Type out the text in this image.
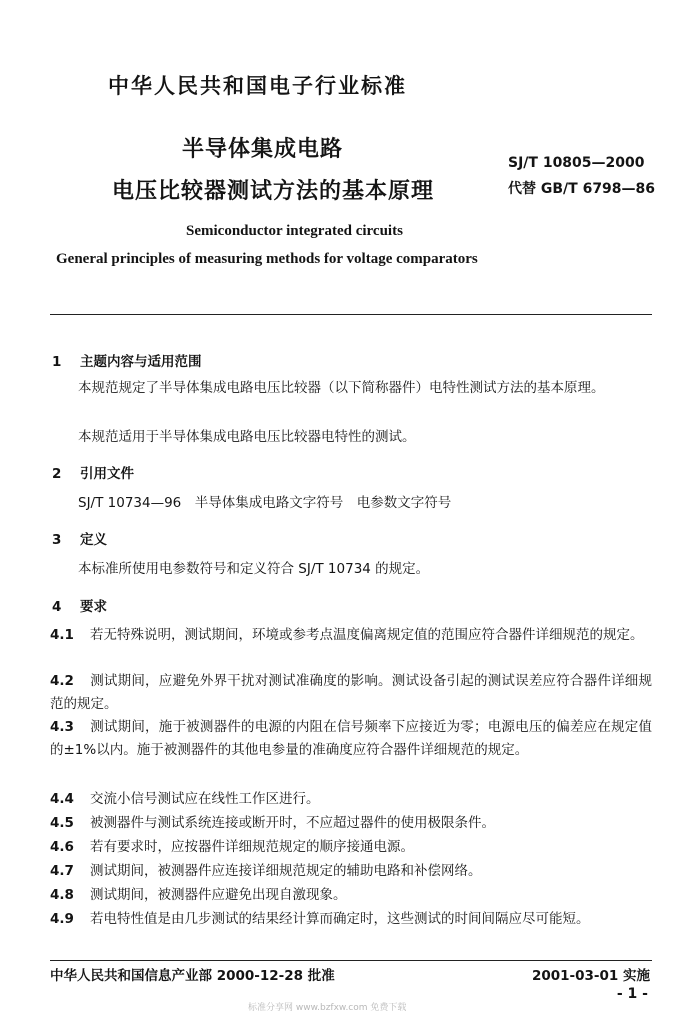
中华人民共和国电子行业标准
半导体集成电路
电压比较器测试方法的基本原理
SJ/T 10805—2000
代替 GB/T 6798—86
Semiconductor integrated circuits
General principles of measuring methods for voltage comparators
1 主题内容与适用范围
本规范规定了半导体集成电路电压比较器（以下简称器件）电特性测试方法的基本原理。
本规范适用于半导体集成电路电压比较器电特性的测试。
2 引用文件
SJ/T 10734—96　半导体集成电路文字符号　电参数文字符号
3 定义
本标准所使用电参数符号和定义符合 SJ/T 10734 的规定。
4 要求
4.1 若无特殊说明，测试期间，环境或参考点温度偏离规定值的范围应符合器件详细规范的规定。
4.2 测试期间，应避免外界干扰对测试准确度的影响。测试设备引起的测试误差应符合器件详细规范的规定。
4.3 测试期间，施于被测器件的电源的内阻在信号频率下应接近为零；电源电压的偏差应在规定值的±1%以内。施于被测器件的其他电参量的准确度应符合器件详细规范的规定。
4.4 交流小信号测试应在线性工作区进行。
4.5 被测器件与测试系统连接或断开时，不应超过器件的使用极限条件。
4.6 若有要求时，应按器件详细规范规定的顺序接通电源。
4.7 测试期间，被测器件应连接详细规范规定的辅助电路和补偿网络。
4.8 测试期间，被测器件应避免出现自激现象。
4.9 若电特性值是由几步测试的结果经计算而确定时，这些测试的时间间隔应尽可能短。
中华人民共和国信息产业部 2000-12-28 批准	2001-03-01 实施
- 1 -
标准分享网 www.bzfxw.com 免费下载
